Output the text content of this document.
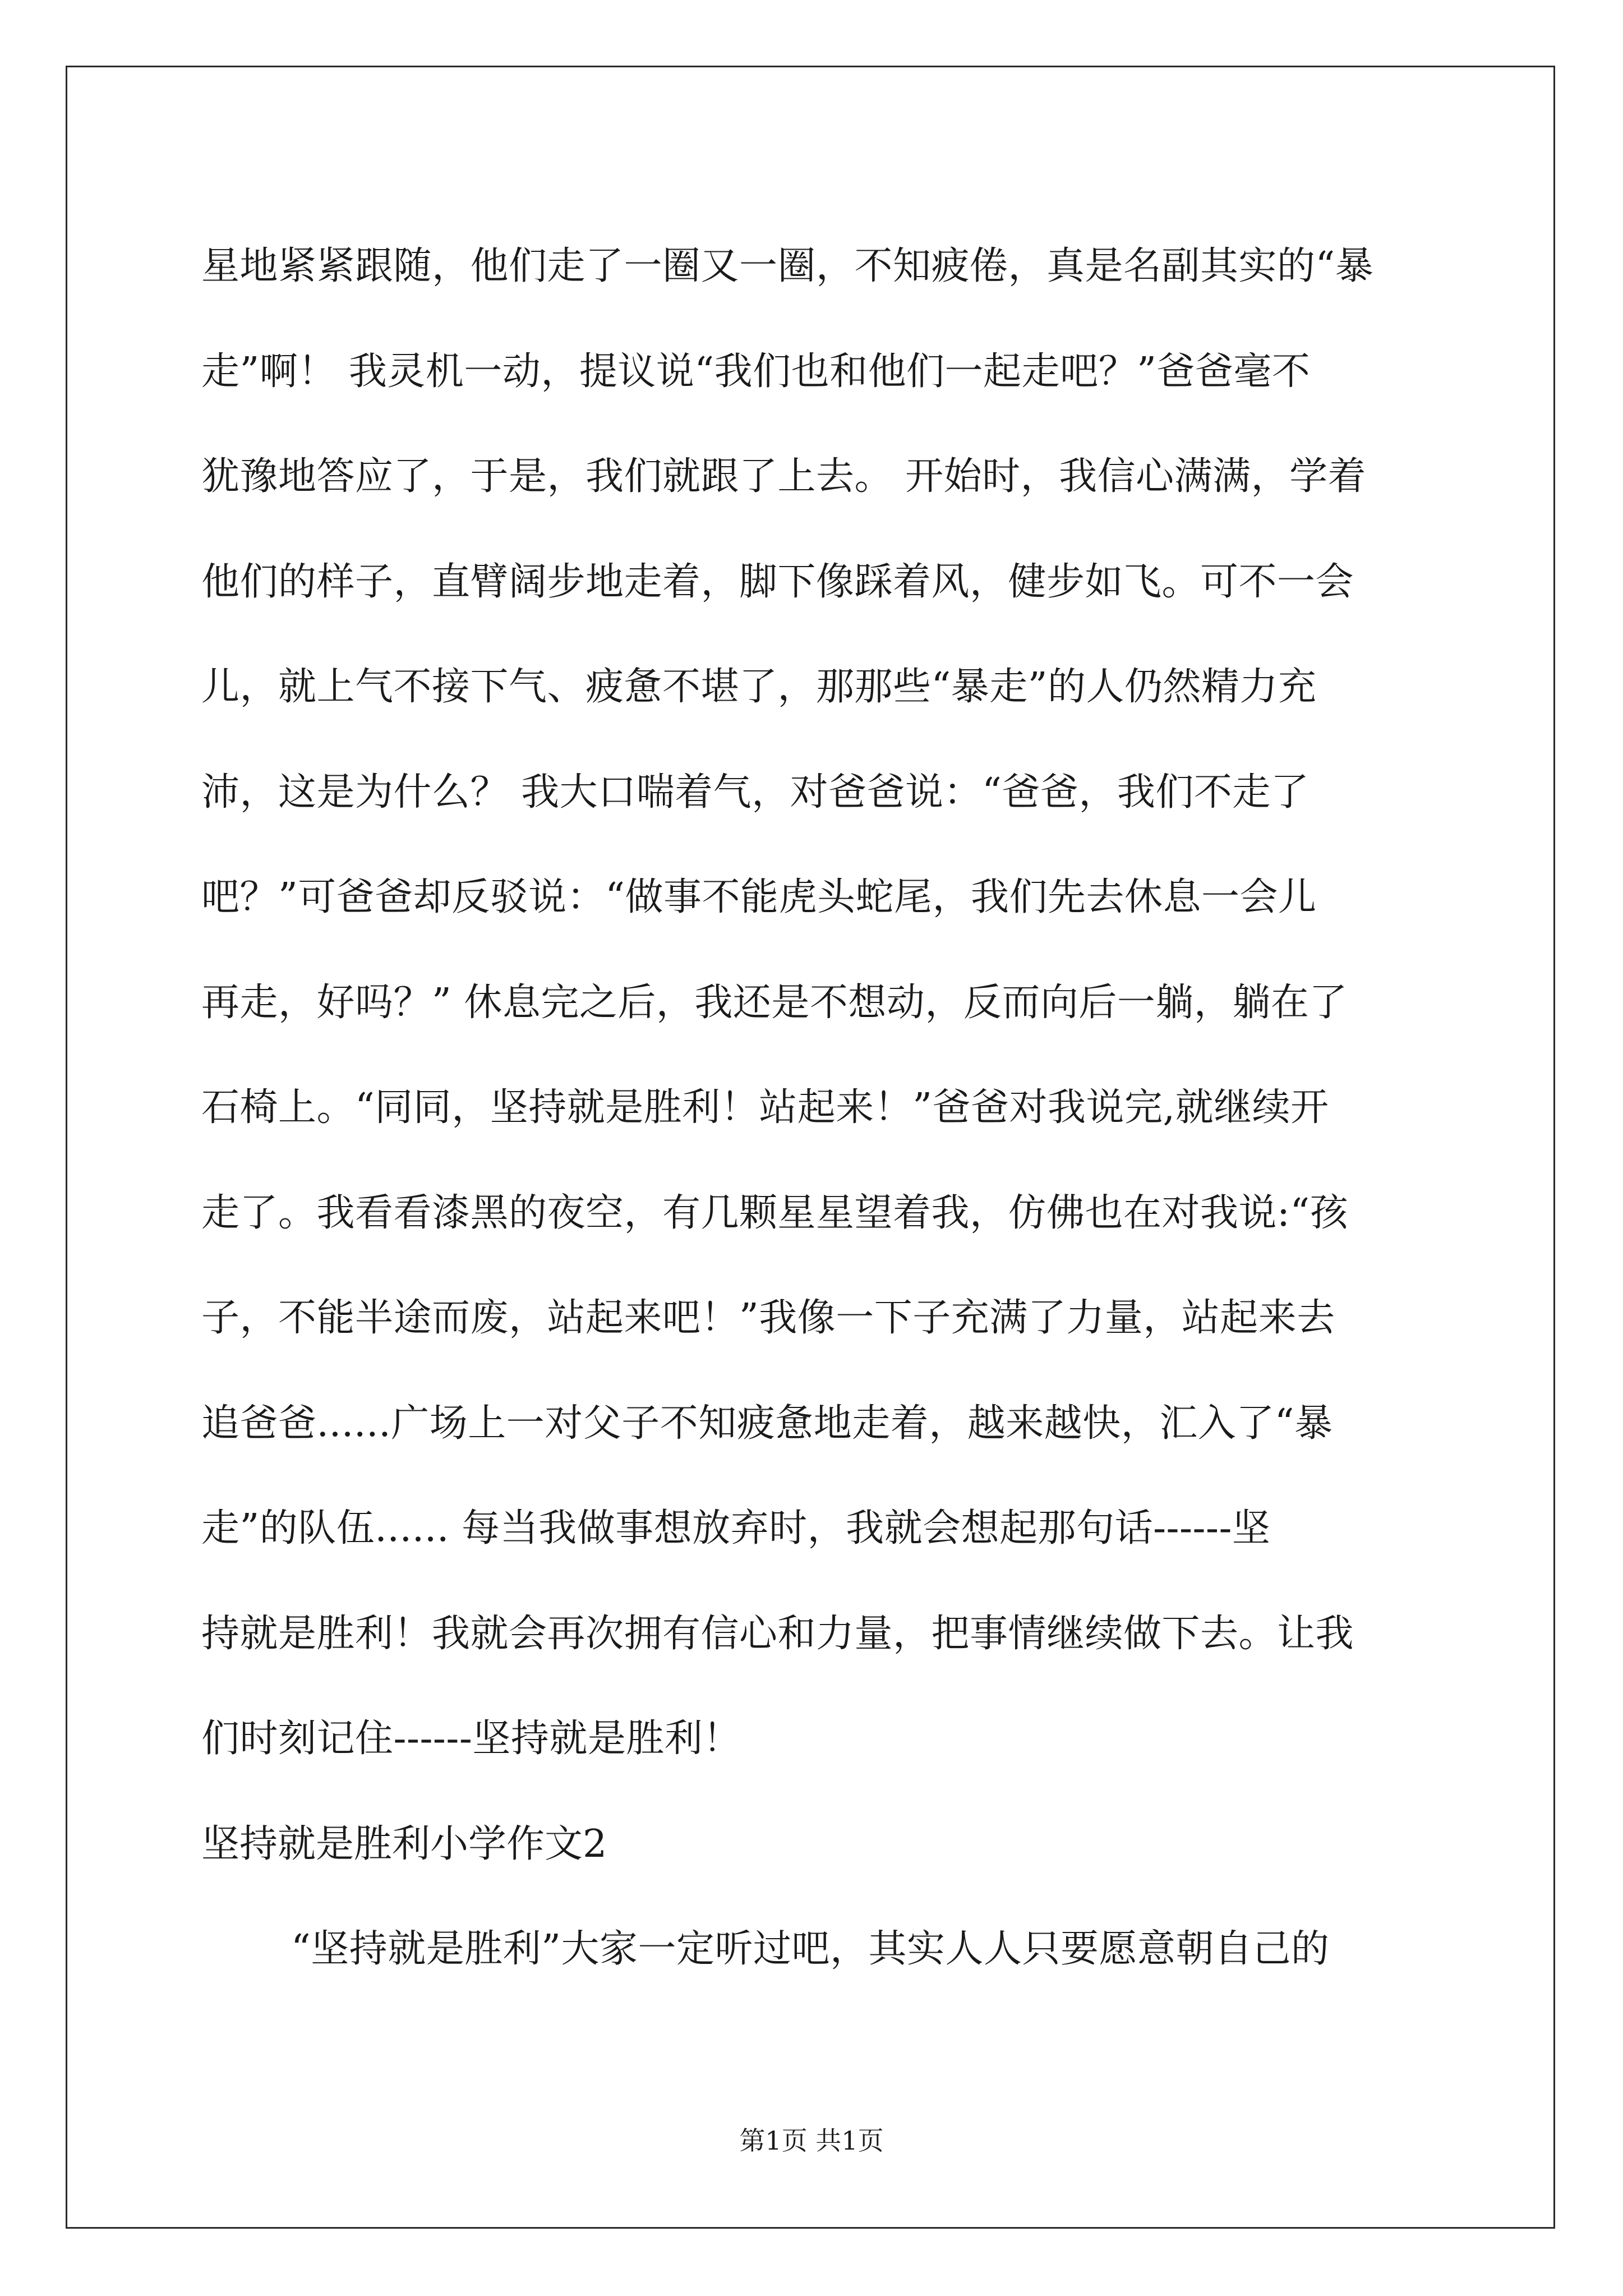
星地紧紧跟随，他们走了一圈又一圈，不知疲倦，真是名副其实的“暴
走”啊！ 我灵机一动，提议说“我们也和他们一起走吧？”爸爸毫不
犹豫地答应了，于是，我们就跟了上去。 开始时，我信心满满，学着
他们的样子，直臂阔步地走着，脚下像踩着风，健步如飞。可不一会
儿，就上气不接下气、疲惫不堪了，那那些“暴走”的人仍然精力充
沛，这是为什么？ 我大口喘着气，对爸爸说：“爸爸，我们不走了
吧？”可爸爸却反驳说：“做事不能虎头蛇尾，我们先去休息一会儿
再走，好吗？” 休息完之后，我还是不想动，反而向后一躺，躺在了
石椅上。“同同，坚持就是胜利！站起来！”爸爸对我说完,就继续开
走了。我看看漆黑的夜空，有几颗星星望着我，仿佛也在对我说:“孩
子，不能半途而废，站起来吧！”我像一下子充满了力量，站起来去
追爸爸......广场上一对父子不知疲惫地走着，越来越快，汇入了“暴
走”的队伍...... 每当我做事想放弃时，我就会想起那句话------坚
持就是胜利！我就会再次拥有信心和力量，把事情继续做下去。让我
们时刻记住------坚持就是胜利！
坚持就是胜利小学作文2
“坚持就是胜利”大家一定听过吧，其实人人只要愿意朝自己的
第1页 共1页
